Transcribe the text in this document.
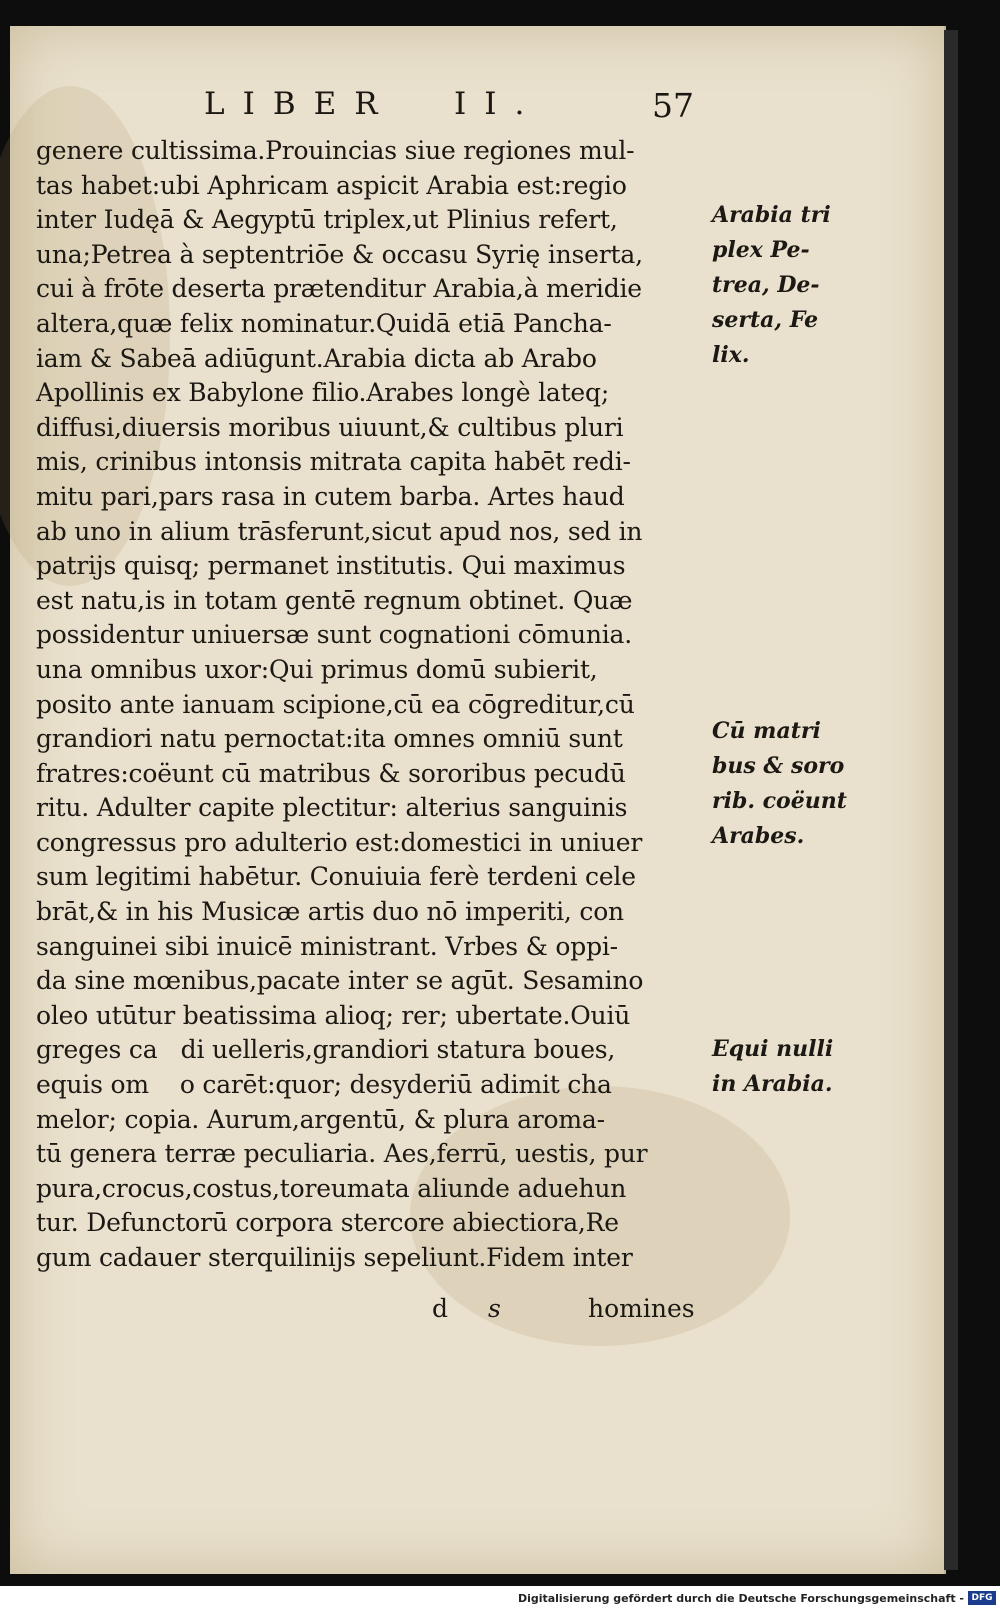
LIBER II.	57
genere cultissima.Prouincias siue regiones mul-
tas habet:ubi Aphricam aspicit Arabia est:regio
inter Iudęā & Aegyptū triplex,ut Plinius refert,
una;Petrea à septentriōe & occasu Syrię inserta,
cui à frōte deserta prætenditur Arabia,à meridie
altera,quæ felix nominatur.Quidā etiā Pancha-
iam & Sabeā adiūgunt.Arabia dicta ab Arabo
Apollinis ex Babylone filio.Arabes longè lateq;
diffusi,diuersis moribus uiuunt,& cultibus pluri
mis, crinibus intonsis mitrata capita habēt redi-
mitu pari,pars rasa in cutem barba. Artes haud
ab uno in alium trāsferunt,sicut apud nos, sed in
patrijs quisq; permanet institutis. Qui maximus
est natu,is in totam gentē regnum obtinet. Quæ
possidentur uniuersæ sunt cognationi cōmunia.
una omnibus uxor:Qui primus domū subierit,
posito ante ianuam scipione,cū ea cōgreditur,cū
grandiori natu pernoctat:ita omnes omniū sunt
fratres:coëunt cū matribus & sororibus pecudū
ritu. Adulter capite plectitur: alterius sanguinis
congressus pro adulterio est:domestici in uniuer
sum legitimi habētur. Conuiuia ferè terdeni cele
brāt,& in his Musicæ artis duo nō imperiti, con
sanguinei sibi inuicē ministrant. Vrbes & oppi-
da sine mœnibus,pacate inter se agūt. Sesamino
oleo utūtur beatissima alioq; rer; ubertate.Ouiū
greges ca   di uelleris,grandiori statura boues,
equis om    o carēt:quor; desyderiū adimit cha
melor; copia. Aurum,argentū, & plura aroma-
tū genera terræ peculiaria. Aes,ferrū, uestis, pur
pura,crocus,costus,toreumata aliunde aduehun
tur. Defunctorū corpora stercore abiectiora,Re
gum cadauer sterquilinijs sepeliunt.Fidem inter
d s	homines
Arabia tri
plex Pe-
trea, De-
serta, Fe
lix.
Cū matri
bus & soro
rib. coëunt
Arabes.
Equi nulli
in Arabia.
Digitalisierung gefördert durch die Deutsche Forschungsgemeinschaft - DFG
